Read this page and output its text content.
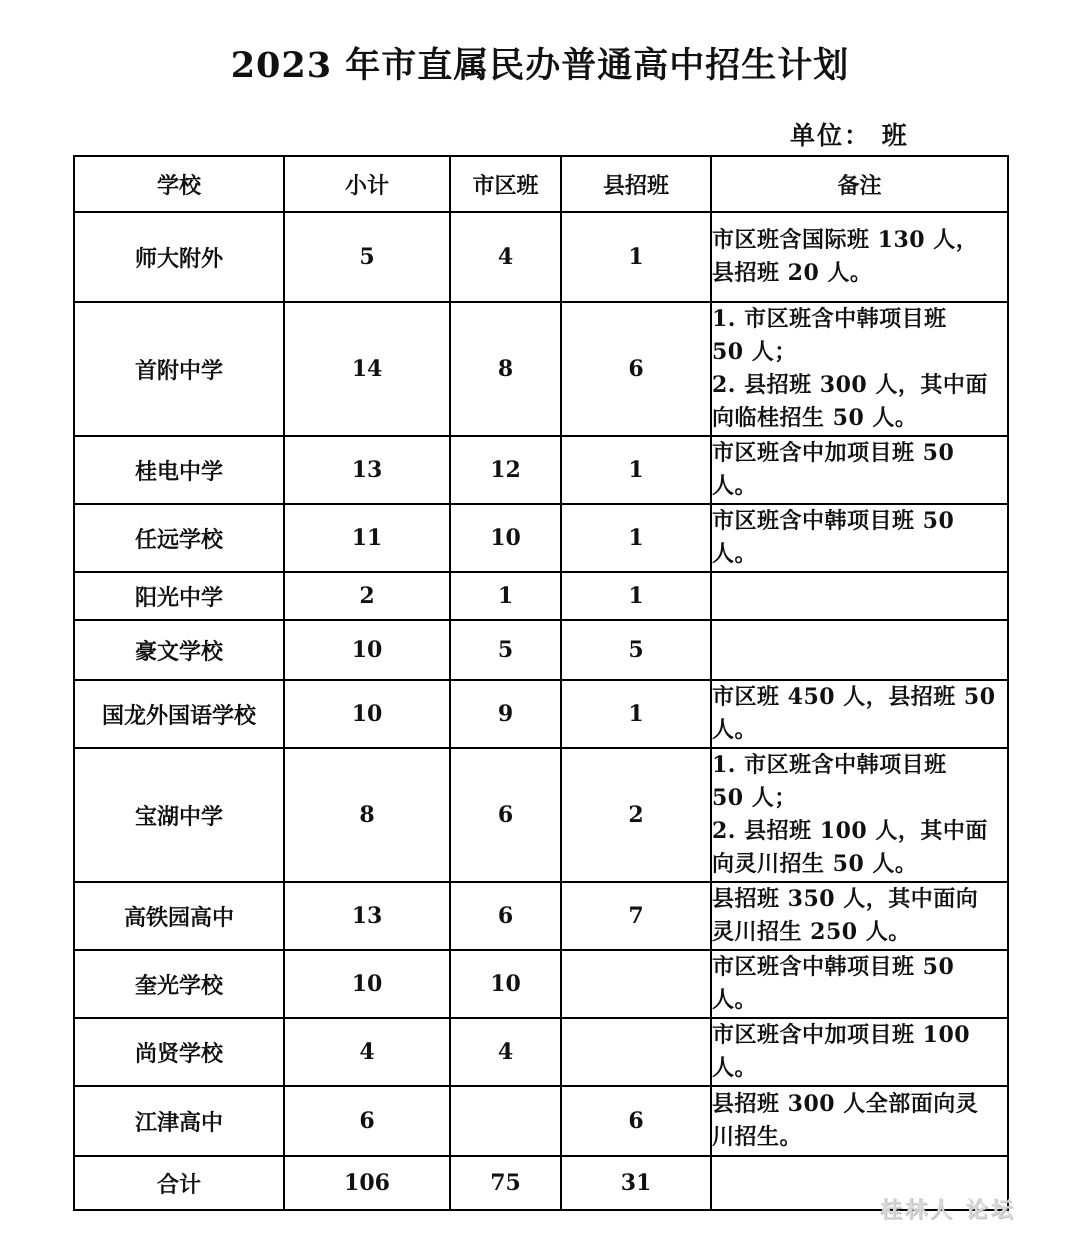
2023 年市直属民办普通高中招生计划
单位： 班
学校	小计	市区班	县招班	备注
师大附外	5	4	1	市区班含国际班 130 人，
县招班 20 人。
首附中学	14	8	6	1. 市区班含中韩项目班
50 人；
2. 县招班 300 人，其中面
向临桂招生 50 人。
桂电中学	13	12	1	市区班含中加项目班 50
人。
任远学校	11	10	1	市区班含中韩项目班 50
人。
阳光中学	2	1	1	
豪文学校	10	5	5	
国龙外国语学校	10	9	1	市区班 450 人，县招班 50
人。
宝湖中学	8	6	2	1. 市区班含中韩项目班
50 人；
2. 县招班 100 人，其中面
向灵川招生 50 人。
高铁园高中	13	6	7	县招班 350 人，其中面向
灵川招生 250 人。
奎光学校	10	10		市区班含中韩项目班 50
人。
尚贤学校	4	4		市区班含中加项目班 100
人。
江津高中	6		6	县招班 300 人全部面向灵
川招生。
合计	106	75	31	
桂林人 论坛
